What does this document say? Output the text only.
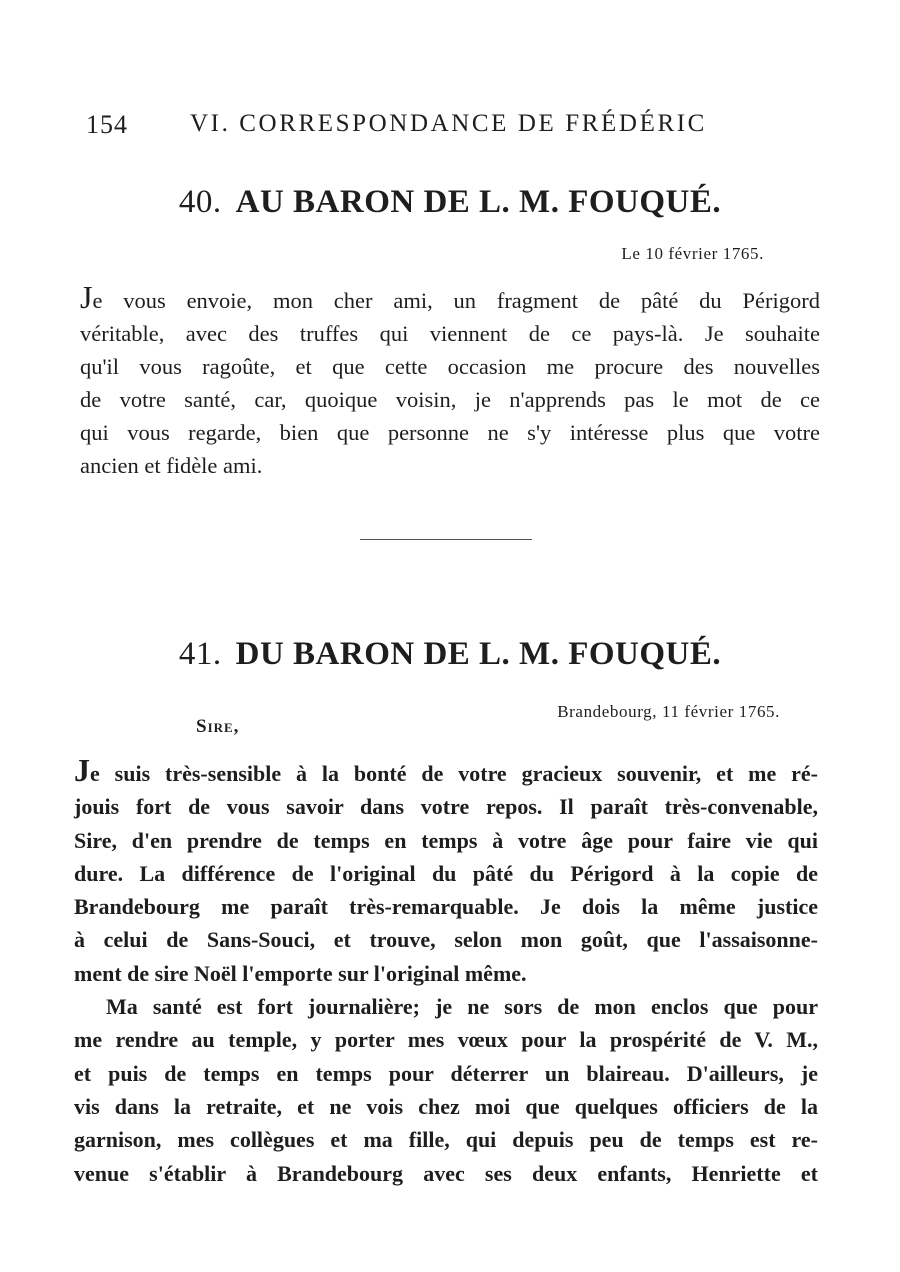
154 VI. CORRESPONDANCE DE FRÉDÉRIC
40. AU BARON DE L. M. FOUQUÉ.
Le 10 février 1765.
Je vous envoie, mon cher ami, un fragment de pâté du Périgord
véritable, avec des truffes qui viennent de ce pays-là. Je souhaite
qu'il vous ragoûte, et que cette occasion me procure des nouvelles
de votre santé, car, quoique voisin, je n'apprends pas le mot de ce
qui vous regarde, bien que personne ne s'y intéresse plus que votre
ancien et fidèle ami.
41. DU BARON DE L. M. FOUQUÉ.
Brandebourg, 11 février 1765.
Sire,
Je suis très-sensible à la bonté de votre gracieux souvenir, et me ré-
jouis fort de vous savoir dans votre repos. Il paraît très-convenable,
Sire, d'en prendre de temps en temps à votre âge pour faire vie qui
dure. La différence de l'original du pâté du Périgord à la copie de
Brandebourg me paraît très-remarquable. Je dois la même justice
à celui de Sans-Souci, et trouve, selon mon goût, que l'assaisonne-
ment de sire Noël l'emporte sur l'original même.
Ma santé est fort journalière; je ne sors de mon enclos que pour
me rendre au temple, y porter mes vœux pour la prospérité de V. M.,
et puis de temps en temps pour déterrer un blaireau. D'ailleurs, je
vis dans la retraite, et ne vois chez moi que quelques officiers de la
garnison, mes collègues et ma fille, qui depuis peu de temps est re-
venue s'établir à Brandebourg avec ses deux enfants, Henriette et
